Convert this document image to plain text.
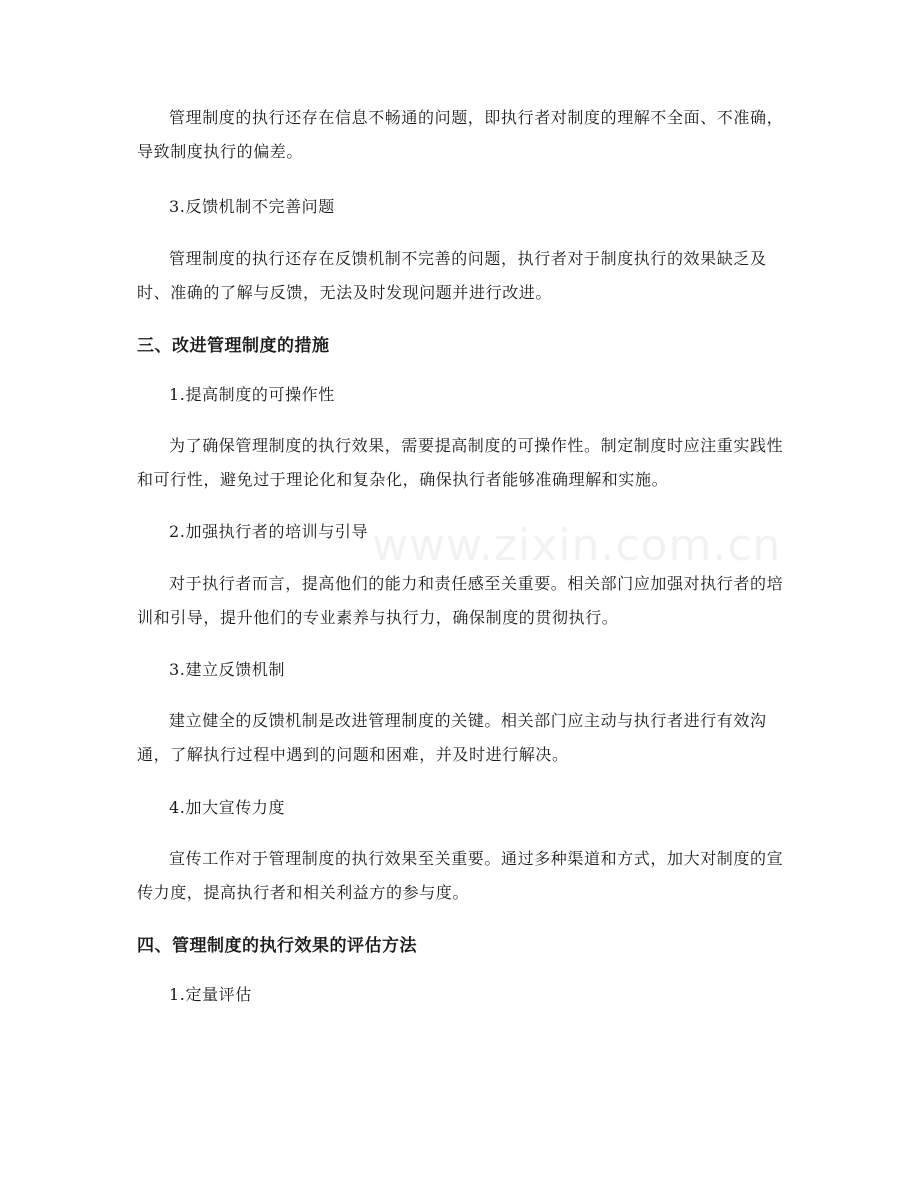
www.zixin.com.cn

管理制度的执行还存在信息不畅通的问题，即执行者对制度的理解不全面、不准确，导致制度执行的偏差。

3.反馈机制不完善问题

管理制度的执行还存在反馈机制不完善的问题，执行者对于制度执行的效果缺乏及时、准确的了解与反馈，无法及时发现问题并进行改进。

三、改进管理制度的措施

1.提高制度的可操作性

为了确保管理制度的执行效果，需要提高制度的可操作性。制定制度时应注重实践性和可行性，避免过于理论化和复杂化，确保执行者能够准确理解和实施。

2.加强执行者的培训与引导

对于执行者而言，提高他们的能力和责任感至关重要。相关部门应加强对执行者的培训和引导，提升他们的专业素养与执行力，确保制度的贯彻执行。

3.建立反馈机制

建立健全的反馈机制是改进管理制度的关键。相关部门应主动与执行者进行有效沟通，了解执行过程中遇到的问题和困难，并及时进行解决。

4.加大宣传力度

宣传工作对于管理制度的执行效果至关重要。通过多种渠道和方式，加大对制度的宣传力度，提高执行者和相关利益方的参与度。

四、管理制度的执行效果的评估方法

1.定量评估
